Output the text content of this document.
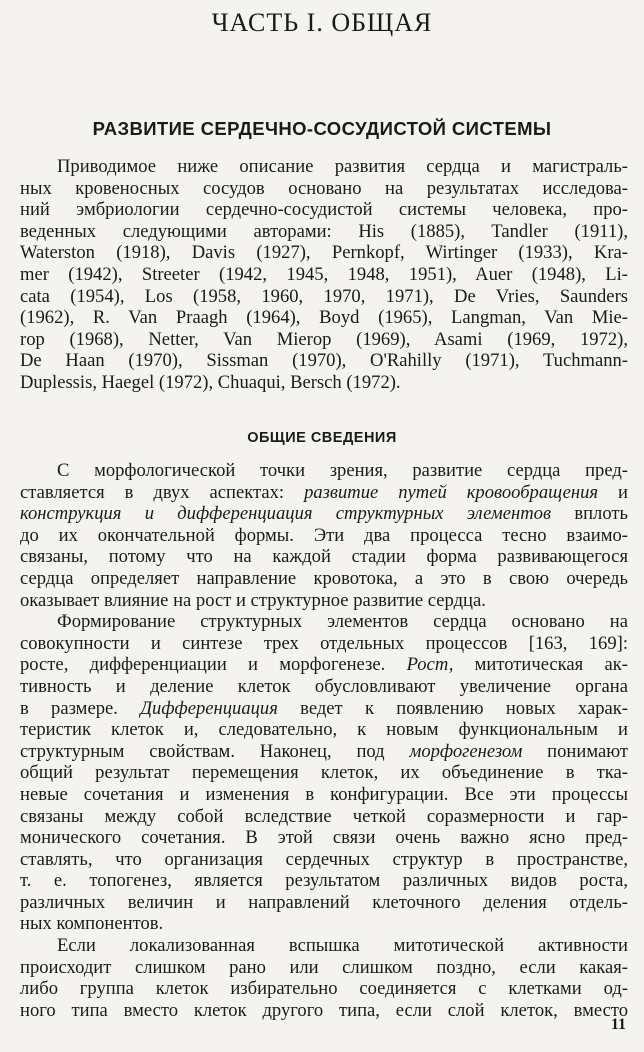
ЧАСТЬ I. ОБЩАЯ
РАЗВИТИЕ СЕРДЕЧНО-СОСУДИСТОЙ СИСТЕМЫ
Приводимое ниже описание развития сердца и магистраль-
ных кровеносных сосудов основано на результатах исследова-
ний эмбриологии сердечно-сосудистой системы человека, про-
веденных следующими авторами: His (1885), Tandler (1911),
Waterston (1918), Davis (1927), Pernkopf, Wirtinger (1933), Kra-
mer (1942), Streeter (1942, 1945, 1948, 1951), Auer (1948), Li-
cata (1954), Los (1958, 1960, 1970, 1971), De Vries, Saunders
(1962), R. Van Praagh (1964), Boyd (1965), Langman, Van Mie-
rop (1968), Netter, Van Mierop (1969), Asami (1969, 1972),
De Haan (1970), Sissman (1970), O'Rahilly (1971), Tuchmann-
Duplessis, Haegel (1972), Chuaqui, Bersch (1972).
ОБЩИЕ СВЕДЕНИЯ
С морфологической точки зрения, развитие сердца пред-
ставляется в двух аспектах: развитие путей кровообращения и
конструкция и дифференциация структурных элементов вплоть
до их окончательной формы. Эти два процесса тесно взаимо-
связаны, потому что на каждой стадии форма развивающегося
сердца определяет направление кровотока, а это в свою очередь
оказывает влияние на рост и структурное развитие сердца.
Формирование структурных элементов сердца основано на
совокупности и синтезе трех отдельных процессов [163, 169]:
росте, дифференциации и морфогенезе. Рост, митотическая ак-
тивность и деление клеток обусловливают увеличение органа
в размере. Дифференциация ведет к появлению новых харак-
теристик клеток и, следовательно, к новым функциональным и
структурным свойствам. Наконец, под морфогенезом понимают
общий результат перемещения клеток, их объединение в тка-
невые сочетания и изменения в конфигурации. Все эти процессы
связаны между собой вследствие четкой соразмерности и гар-
монического сочетания. В этой связи очень важно ясно пред-
ставлять, что организация сердечных структур в пространстве,
т. е. топогенез, является результатом различных видов роста,
различных величин и направлений клеточного деления отдель-
ных компонентов.
Если локализованная вспышка митотической активности
происходит слишком рано или слишком поздно, если какая-
либо группа клеток избирательно соединяется с клетками од-
ного типа вместо клеток другого типа, если слой клеток, вместо
11
